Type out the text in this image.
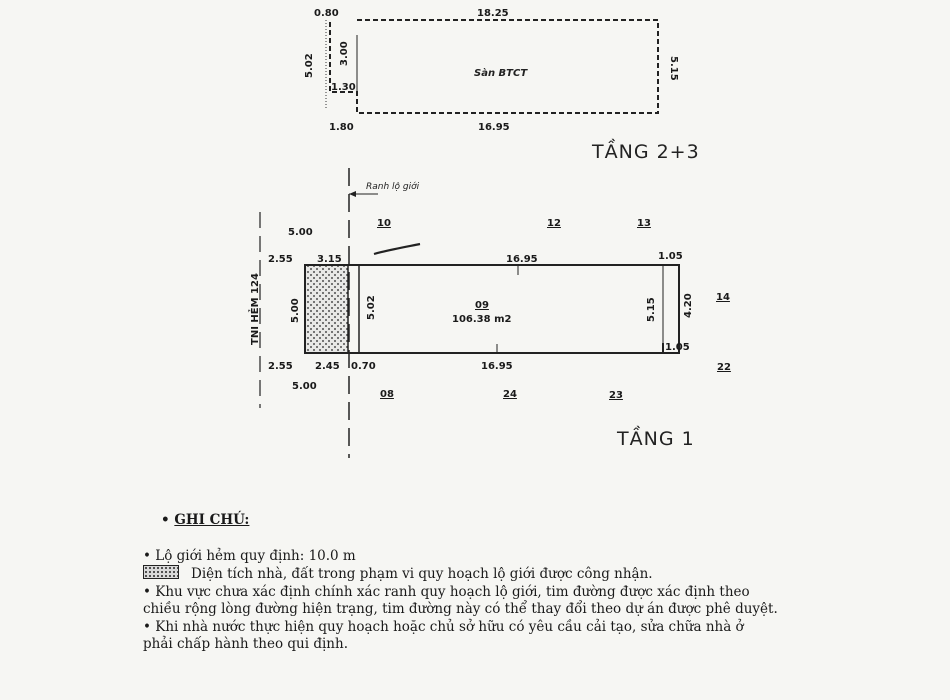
0.80	18.25
5.02 3.00
1.30
5.15
1.80	16.95
Sàn BTCT
TẦNG 2+3
Ranh lộ giới
TNI HẺM 124
5.00
2.55 3.15	16.95	1.05
5.00	5.02	5.15	4.20
2.55 2.45 0.70	16.95
1.05
5.00
09
106.38 m2
10	12	13
14
22
08	24	23
TẦNG 1
• GHI CHÚ:
• Lộ giới hẻm quy định: 10.0 m
Diện tích nhà, đất trong phạm vi quy hoạch lộ giới được công nhận.
• Khu vực chưa xác định chính xác ranh quy hoạch lộ giới, tim đường được xác định theo
chiều rộng lòng đường hiện trạng, tim đường này có thể thay đổi theo dự án được phê duyệt.
• Khi nhà nước thực hiện quy hoạch hoặc chủ sở hữu có yêu cầu cải tạo, sửa chữa nhà ở
phải chấp hành theo qui định.
